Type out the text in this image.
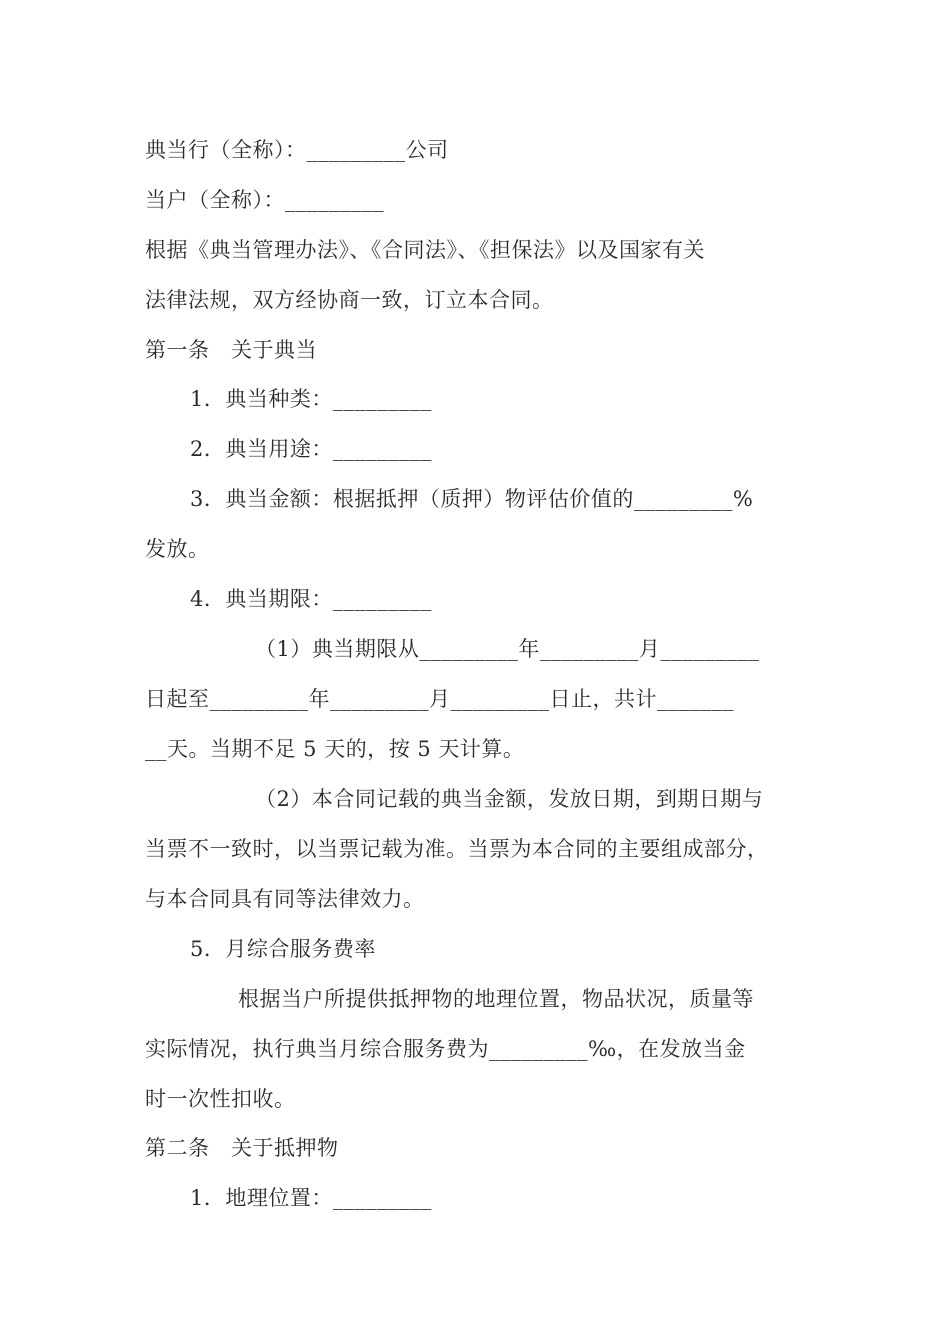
典当行（全称）：_________公司
当户（全称）：_________
根据《典当管理办法》、《合同法》、《担保法》以及国家有关
法律法规，双方经协商一致，订立本合同。
第一条　关于典当
1．典当种类：_________
2．典当用途：_________
3．典当金额：根据抵押（质押）物评估价值的_________%
发放。
4．典当期限：_________
（1）典当期限从_________年_________月_________
日起至_________年_________月_________日止，共计_______
__天。当期不足 5 天的，按 5 天计算。
（2）本合同记载的典当金额，发放日期，到期日期与
当票不一致时，以当票记载为准。当票为本合同的主要组成部分，
与本合同具有同等法律效力。
5．月综合服务费率
根据当户所提供抵押物的地理位置，物品状况，质量等
实际情况，执行典当月综合服务费为_________‰，在发放当金
时一次性扣收。
第二条　关于抵押物
1．地理位置：_________
